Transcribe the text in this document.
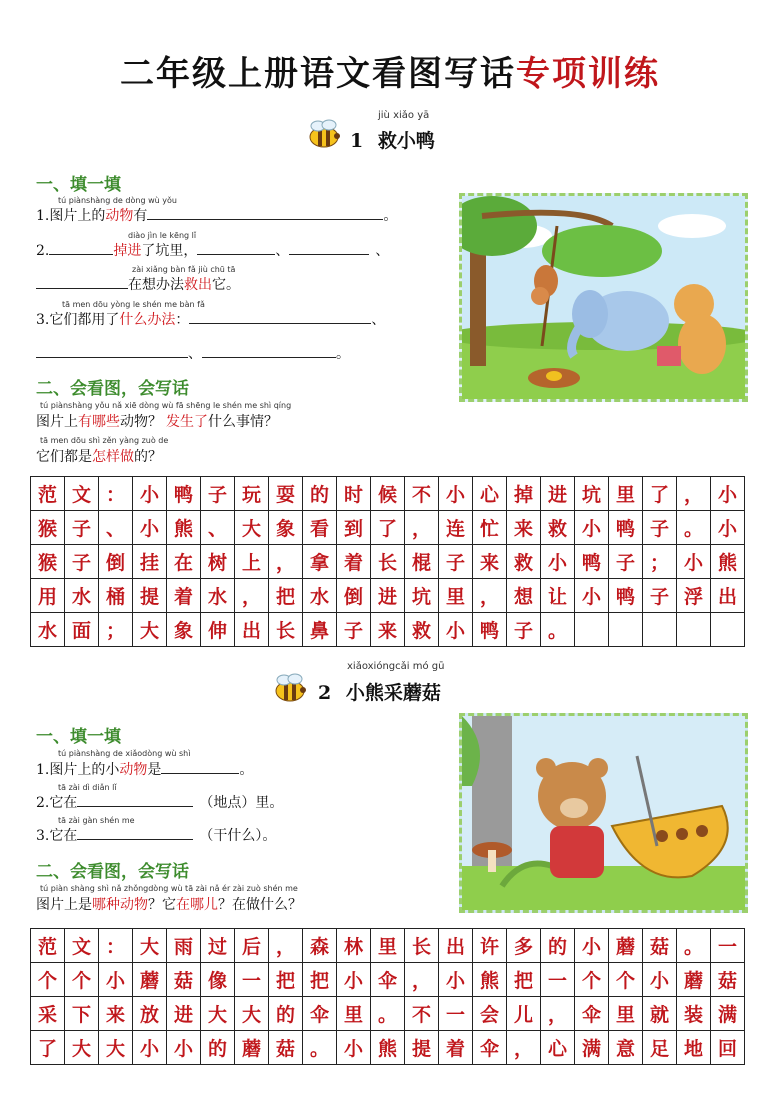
二年级上册语文看图写话专项训练
jiù xiǎo yā
1 救小鸭
一、填一填
tú piànshàng de dòng wù yǒu
1.图片上的动物有	。
diào jìn le kēng lǐ
2.	掉进了坑里，	、	、
zài xiǎng bàn fǎ jiù chū tā
在想办法救出它。
tā men dōu yòng le shén me bàn fǎ
3.它们都用了什么办法：	、
、	。
二、会看图，会写话
tú piànshàng yǒu nǎ xiē dòng wù fā shēng le shén me shì qíng
图片上有哪些动物？ 发生了什么事情？
tā men dōu shì zěn yàng zuò de
它们都是怎样做的？
范	文	：	小	鸭	子	玩	耍	的	时	候	不	小	心	掉	进	坑	里	了	，	小
猴	子	、	小	熊	、	大	象	看	到	了	，	连	忙	来	救	小	鸭	子	。	小
猴	子	倒	挂	在	树	上	，	拿	着	长	棍	子	来	救	小	鸭	子	；	小	熊
用	水	桶	提	着	水	，	把	水	倒	进	坑	里	，	想	让	小	鸭	子	浮	出
水	面	；	大	象	伸	出	长	鼻	子	来	救	小	鸭	子	。					
xiǎoxióngcǎi mó gū
2 小熊采蘑菇
一、填一填
tú piànshàng de xiǎodòng wù shì
1.图片上的小动物是	。
tā zài dì diǎn lǐ
2.它在	（地点）里。
tā zài gàn shén me
3.它在	（干什么）。
二、会看图，会写话
tú piàn shàng shì nǎ zhǒngdòng wù tā zài nǎ ér zài zuò shén me
图片上是哪种动物？它在哪儿？在做什么？
范	文	：	大	雨	过	后	，	森	林	里	长	出	许	多	的	小	蘑	菇	。	一
个	个	小	蘑	菇	像	一	把	把	小	伞	，	小	熊	把	一	个	个	小	蘑	菇
采	下	来	放	进	大	大	的	伞	里	。	不	一	会	儿	，	伞	里	就	装	满
了	大	大	小	小	的	蘑	菇	。	小	熊	提	着	伞	，	心	满	意	足	地	回
